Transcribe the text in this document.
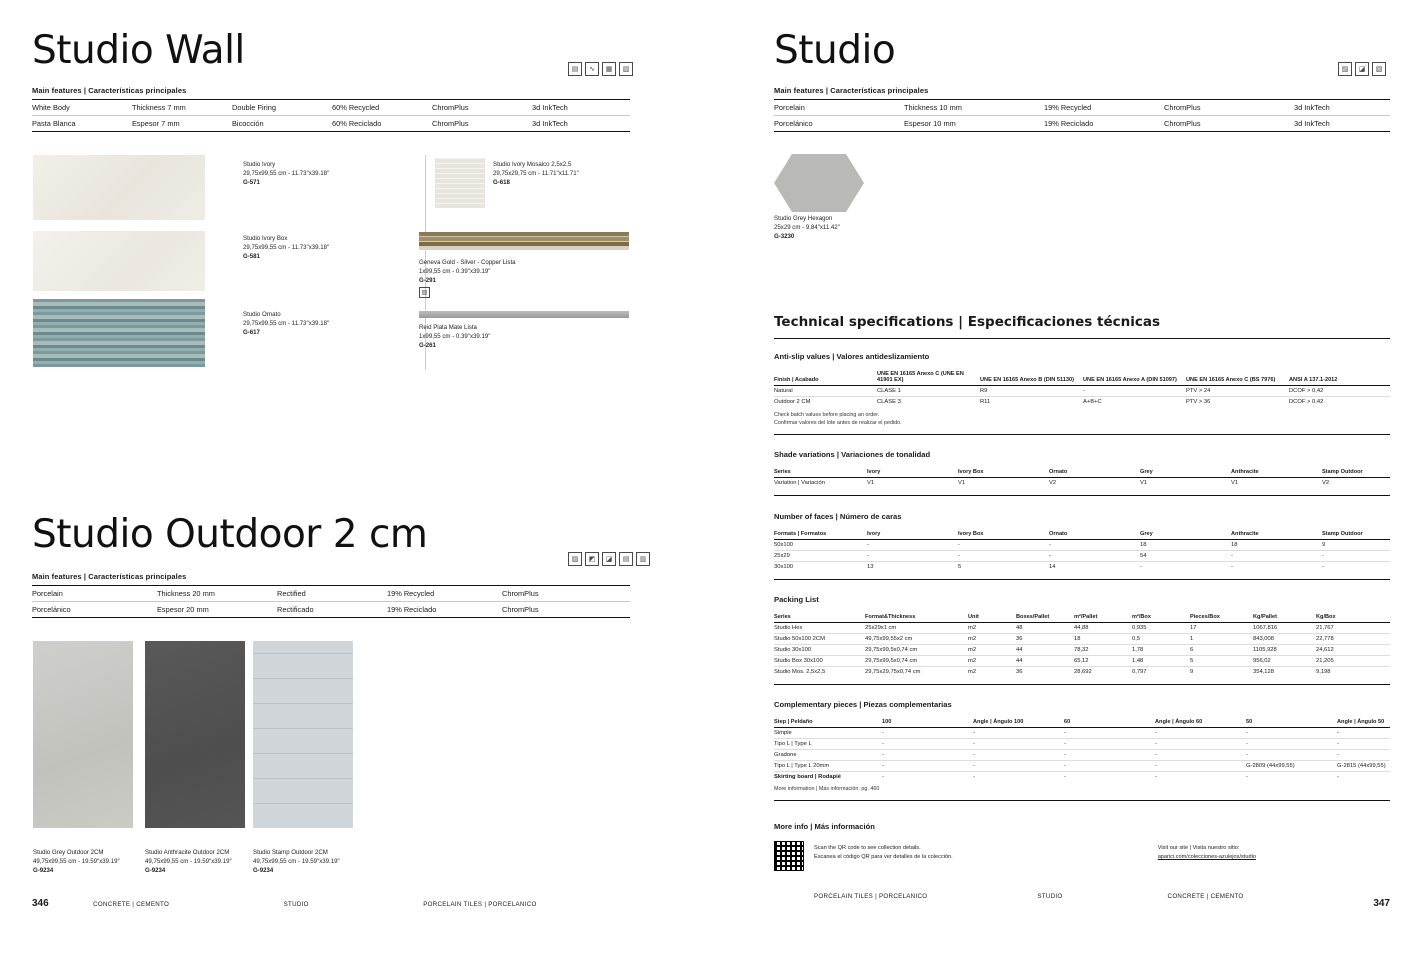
Studio Wall	▤	∿	▦	▧
Main features | Características principales
White Body	Thickness 7 mm	Double Firing	60% Recycled	ChromPlus	3d InkTech
Pasta Blanca	Espesor 7 mm	Bicocción	60% Reciclado	ChromPlus	3d InkTech
Studio Ivory
29,75x99,55 cm - 11.73"x39.18"
G-571
Studio Ivory Box
29,75x99,55 cm - 11.73"x39.18"
G-581
Studio Ornato
29,75x99,55 cm - 11.73"x39.18"
G-617
Studio Ivory Mosaico 2,5x2,5
29,75x29,75 cm - 11.71"x11.71"
G-618
Geneva Gold - Silver - Copper Lista
1x99,55 cm - 0.39"x39.19"
G-291
▨
Reid Plata Mate Lista
1x99,55 cm - 0.39"x39.19"
G-261
Studio Outdoor 2 cm
▨	◩	◪	▤	▥
Main features | Características principales
Porcelain	Thickness 20 mm	Rectified	19% Recycled	ChromPlus
Porcelánico	Espesor 20 mm	Rectificado	19% Reciclado	ChromPlus
Studio Grey Outdoor 2CM
49,75x99,55 cm - 19.59"x39.19"
G-9234
Studio Anthracite Outdoor 2CM
49,75x99,55 cm - 19.59"x39.19"
G-9234
Studio Stamp Outdoor 2CM
49,75x99,55 cm - 19.59"x39.19"
G-9234
346	CONCRETE | CEMENTO	STUDIO	PORCELAIN TILES | PORCELANICO
Studio	▨	◪	▧
Main features | Características principales
Porcelain	Thickness 10 mm	19% Recycled	ChromPlus	3d InkTech
Porcelánico	Espesor 10 mm	19% Reciclado	ChromPlus	3d InkTech
Studio Grey Hexagon
25x29 cm - 9.84"x11.42"
G-3230
Technical specifications | Especificaciones técnicas
Anti-slip values | Valores antideslizamiento
Finish | Acabado	UNE EN 16165 Anexo C (UNE EN 41901 EX)	UNE EN 16165 Anexo B (DIN 51130)	UNE EN 16165 Anexo A (DIN 51097)	UNE EN 16165 Anexo C (BS 7976)	ANSI A 137.1-2012
Natural	CLASE 1	R9	-	PTV > 24	DCOF > 0,42
Outdoor 2 CM	CLASE 3	R11	A+B+C	PTV > 36	DCOF > 0,42
Check batch values before placing an order.
Confirmar valores del lote antes de realizar el pedido.
Shade variations | Variaciones de tonalidad
Series	Ivory	Ivory Box	Ornato	Grey	Anthracite	Stamp Outdoor
Variation | Variación	V1	V1	V2	V1	V1	V2
Number of faces | Número de caras
Formats | Formatos	Ivory	Ivory Box	Ornato	Grey	Anthracite	Stamp Outdoor
50x100	-	-	-	18	18	9
25x29	-	-	-	54	-	-
30x100	13	5	14	-	-	-
Packing List
Series	Format&Thickness	Unit	Boxes/Pallet	m²/Pallet	m²/Box	Pieces/Box	Kg/Pallet	Kg/Box
Studio Hex	25x29x1 cm	m2	48	44,88	0,935	17	1067,816	21,767
Studio 50x100 2CM	49,75x99,55x2 cm	m2	36	18	0,5	1	843,008	22,778
Studio 30x100	29,75x99,5x0,74 cm	m2	44	78,32	1,78	6	1105,928	24,612
Studio Box 30x100	29,75x99,5x0,74 cm	m2	44	65,12	1,48	5	956,02	21,205
Studio Mos. 2,5x2,5	29,75x29,75x0,74 cm	m2	36	28,692	0,797	9	354,128	9,198
Complementary pieces | Piezas complementarias
Step | Peldaño	100	Angle | Ángulo 100	60	Angle | Ángulo 60	50	Angle | Ángulo 50
Simple	-	-	-	-	-	-
Tipo L | Type L	-	-	-	-	-	-
Gradone	-	-	-	-	-	-
Tipo L | Type L 20mm	-	-	-	-	G-2809 (44x99,55)	G-2815 (44x99,55)
Skirting board | Rodapié	-	-	-	-	-	-
More information | Más información: pg. 460
More info | Más información
Scan the QR code to see collection details.
Escanea el código QR para ver detalles de la colección.
Visit our site | Visita nuestro sitio:
aparici.com/colecciones-azulejos/studio
PORCELAIN TILES | PORCELANICO	STUDIO	CONCRETE | CEMENTO
347
